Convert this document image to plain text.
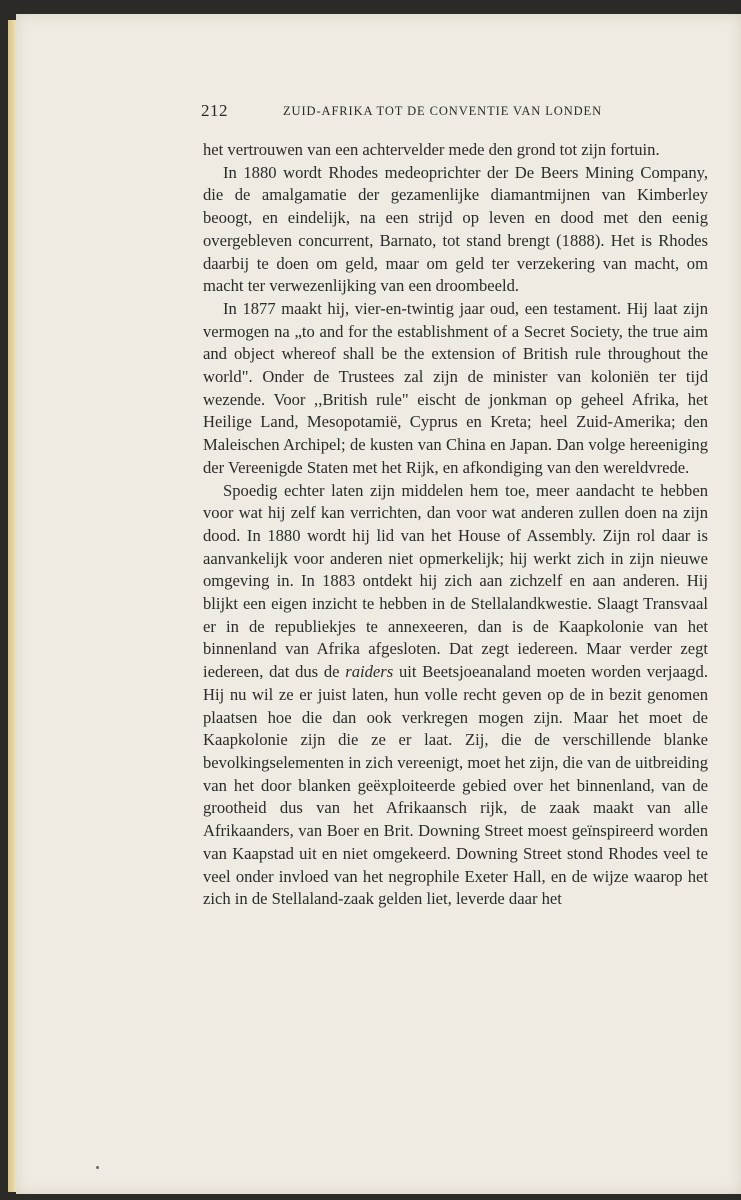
212	ZUID-AFRIKA TOT DE CONVENTIE VAN LONDEN

het vertrouwen van een achtervelder mede den grond tot zijn fortuin.

In 1880 wordt Rhodes medeoprichter der De Beers Mining Company, die de amalgamatie der gezamenlijke diamantmijnen van Kimberley beoogt, en eindelijk, na een strijd op leven en dood met den eenig overgebleven concurrent, Barnato, tot stand brengt (1888). Het is Rhodes daarbij te doen om geld, maar om geld ter verzekering van macht, om macht ter verwezenlijking van een droombeeld.

In 1877 maakt hij, vier-en-twintig jaar oud, een testament. Hij laat zijn vermogen na „to and for the establishment of a Secret Society, the true aim and object whereof shall be the extension of British rule throughout the world". Onder de Trustees zal zijn de minister van koloniën ter tijd wezende. Voor ,,British rule" eischt de jonkman op geheel Afrika, het Heilige Land, Mesopotamië, Cyprus en Kreta; heel Zuid-Amerika; den Maleischen Archipel; de kusten van China en Japan. Dan volge hereeniging der Vereenigde Staten met het Rijk, en afkondiging van den wereldvrede.

Spoedig echter laten zijn middelen hem toe, meer aandacht te hebben voor wat hij zelf kan verrichten, dan voor wat anderen zullen doen na zijn dood. In 1880 wordt hij lid van het House of Assembly. Zijn rol daar is aanvankelijk voor anderen niet opmerkelijk; hij werkt zich in zijn nieuwe omgeving in. In 1883 ontdekt hij zich aan zichzelf en aan anderen. Hij blijkt een eigen inzicht te hebben in de Stellalandkwestie. Slaagt Transvaal er in de republiekjes te annexeeren, dan is de Kaapkolonie van het binnenland van Afrika afgesloten. Dat zegt iedereen. Maar verder zegt iedereen, dat dus de raiders uit Beetsjoeanaland moeten worden verjaagd. Hij nu wil ze er juist laten, hun volle recht geven op de in bezit genomen plaatsen hoe die dan ook verkregen mogen zijn. Maar het moet de Kaapkolonie zijn die ze er laat. Zij, die de verschillende blanke bevolkingselementen in zich vereenigt, moet het zijn, die van de uitbreiding van het door blanken geëxploiteerde gebied over het binnenland, van de grootheid dus van het Afrikaansch rijk, de zaak maakt van alle Afrikaanders, van Boer en Brit. Downing Street moest geïnspireerd worden van Kaapstad uit en niet omgekeerd. Downing Street stond Rhodes veel te veel onder invloed van het negrophile Exeter Hall, en de wijze waarop het zich in de Stellaland-zaak gelden liet, leverde daar het
